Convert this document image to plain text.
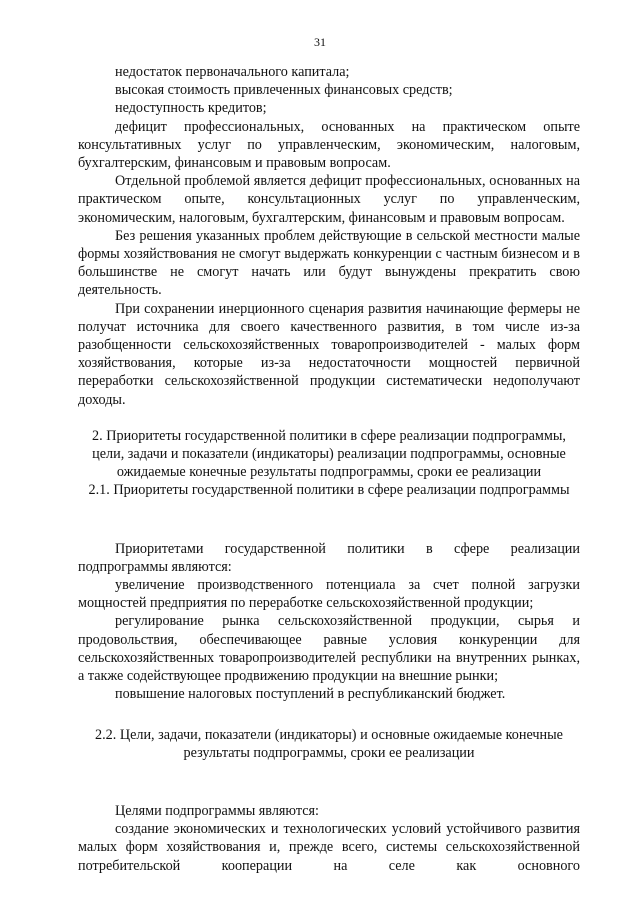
31

недостаток первоначального капитала;

высокая стоимость привлеченных финансовых средств;

недоступность кредитов;

дефицит профессиональных, основанных на практическом опыте консультативных услуг по управленческим, экономическим, налоговым, бухгалтерским, финансовым и правовым вопросам.

Отдельной проблемой является дефицит профессиональных, основанных на практическом опыте, консультационных услуг по управленческим, экономическим, налоговым, бухгалтерским, финансовым и правовым вопросам.

Без решения указанных проблем действующие в сельской местности малые формы хозяйствования не смогут выдержать конкуренции с частным бизнесом и в большинстве не смогут начать или будут вынуждены прекратить свою деятельность.

При сохранении инерционного сценария развития начинающие фермеры не получат источника для своего качественного развития, в том числе из-за разобщенности сельскохозяйственных товаропроизводителей - малых форм хозяйствования, которые из-за недостаточности мощностей первичной переработки сельскохозяйственной продукции систематически недополучают доходы.

2. Приоритеты государственной политики в сфере реализации подпрограммы, цели, задачи и показатели (индикаторы) реализации подпрограммы, основные ожидаемые конечные результаты подпрограммы, сроки ее реализации

2.1. Приоритеты государственной политики в сфере реализации подпрограммы

Приоритетами государственной политики в сфере реализации подпрограммы являются:

увеличение производственного потенциала за счет полной загрузки мощностей предприятия по переработке сельскохозяйственной продукции;

регулирование рынка сельскохозяйственной продукции, сырья и продовольствия, обеспечивающее равные условия конкуренции для сельскохозяйственных товаропроизводителей республики на внутренних рынках, а также содействующее продвижению продукции на внешние рынки;

повышение налоговых поступлений в республиканский бюджет.

2.2. Цели, задачи, показатели (индикаторы) и основные ожидаемые конечные результаты подпрограммы, сроки ее реализации

Целями подпрограммы являются:

создание экономических и технологических условий устойчивого развития малых форм хозяйствования и, прежде всего, системы сельскохозяйственной потребительской кооперации на селе как основного
